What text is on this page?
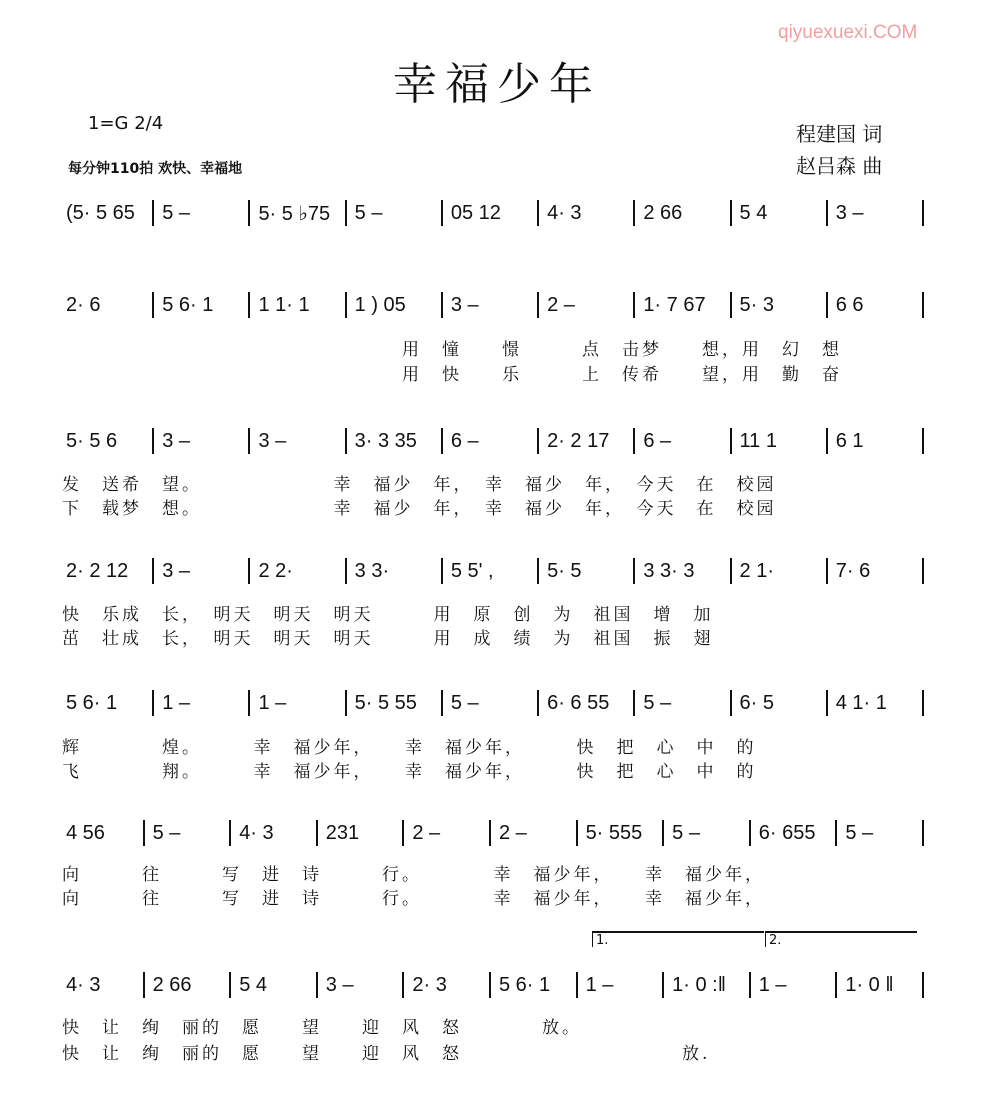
qiyuexuexi.COM
幸福少年
1=G 2/4
每分钟110拍 欢快、幸福地
程建国 词
赵吕森 曲
(5· 5 65	5 –	5· 5 ♭75	5 –	05 12	4· 3	2 66	5 4	3 –
2· 6	5 6· 1	1 1· 1	1 ) 05	3 –	2 –	1· 7 67	5· 3	6 6
　　　　　　　　　　　　　　　　　用　憧　　憬　　　点　击梦　　想，用　幻　想
　　　　　　　　　　　　　　　　　用　快　　乐　　　上　传希　　望，用　勤　奋
5· 5 6	3 –	3 –	3· 3 35	6 –	2· 2 17	6 –	11 1	6 1
发　送希　望。　　　　　　　幸　福少　年，　幸　福少　年，　今天　在　校园
下　载梦　想。　　　　　　　幸　福少　年，　幸　福少　年，　今天　在　校园
2· 2 12	3 –	2 2·	3 3·	5 5' ,	5· 5	3 3· 3	2 1·	7· 6
快　乐成　长，　明天　明天　明天　　　用　原　创　为　祖国　增　加
茁　壮成　长，　明天　明天　明天　　　用　成　绩　为　祖国　振　翅
5 6· 1	1 –	1 –	5· 5 55	5 –	6· 6 55	5 –	6· 5	4 1· 1
辉　　　　煌。　　　幸　福少年，　　幸　福少年，　　　快　把　心　中　的
飞　　　　翔。　　　幸　福少年，　　幸　福少年，　　　快　把　心　中　的
4 56	5 –	4· 3	231	2 –	2 –	5· 555	5 –	6· 655	5 –
向　　　往　　　写　进　诗　　　行。　　　　幸　福少年，　　幸　福少年，
向　　　往　　　写　进　诗　　　行。　　　　幸　福少年，　　幸　福少年，
4· 3	2 66	5 4	3 –	2· 3	5 6· 1	1 –	1· 0 :‖	1 –	1· 0 ‖
快　让　绚　丽的　愿　　望　　迎　风　怒　　　　放。
快　让　绚　丽的　愿　　望　　迎　风　怒　　　　　　　　　　　放.
1.	2.
